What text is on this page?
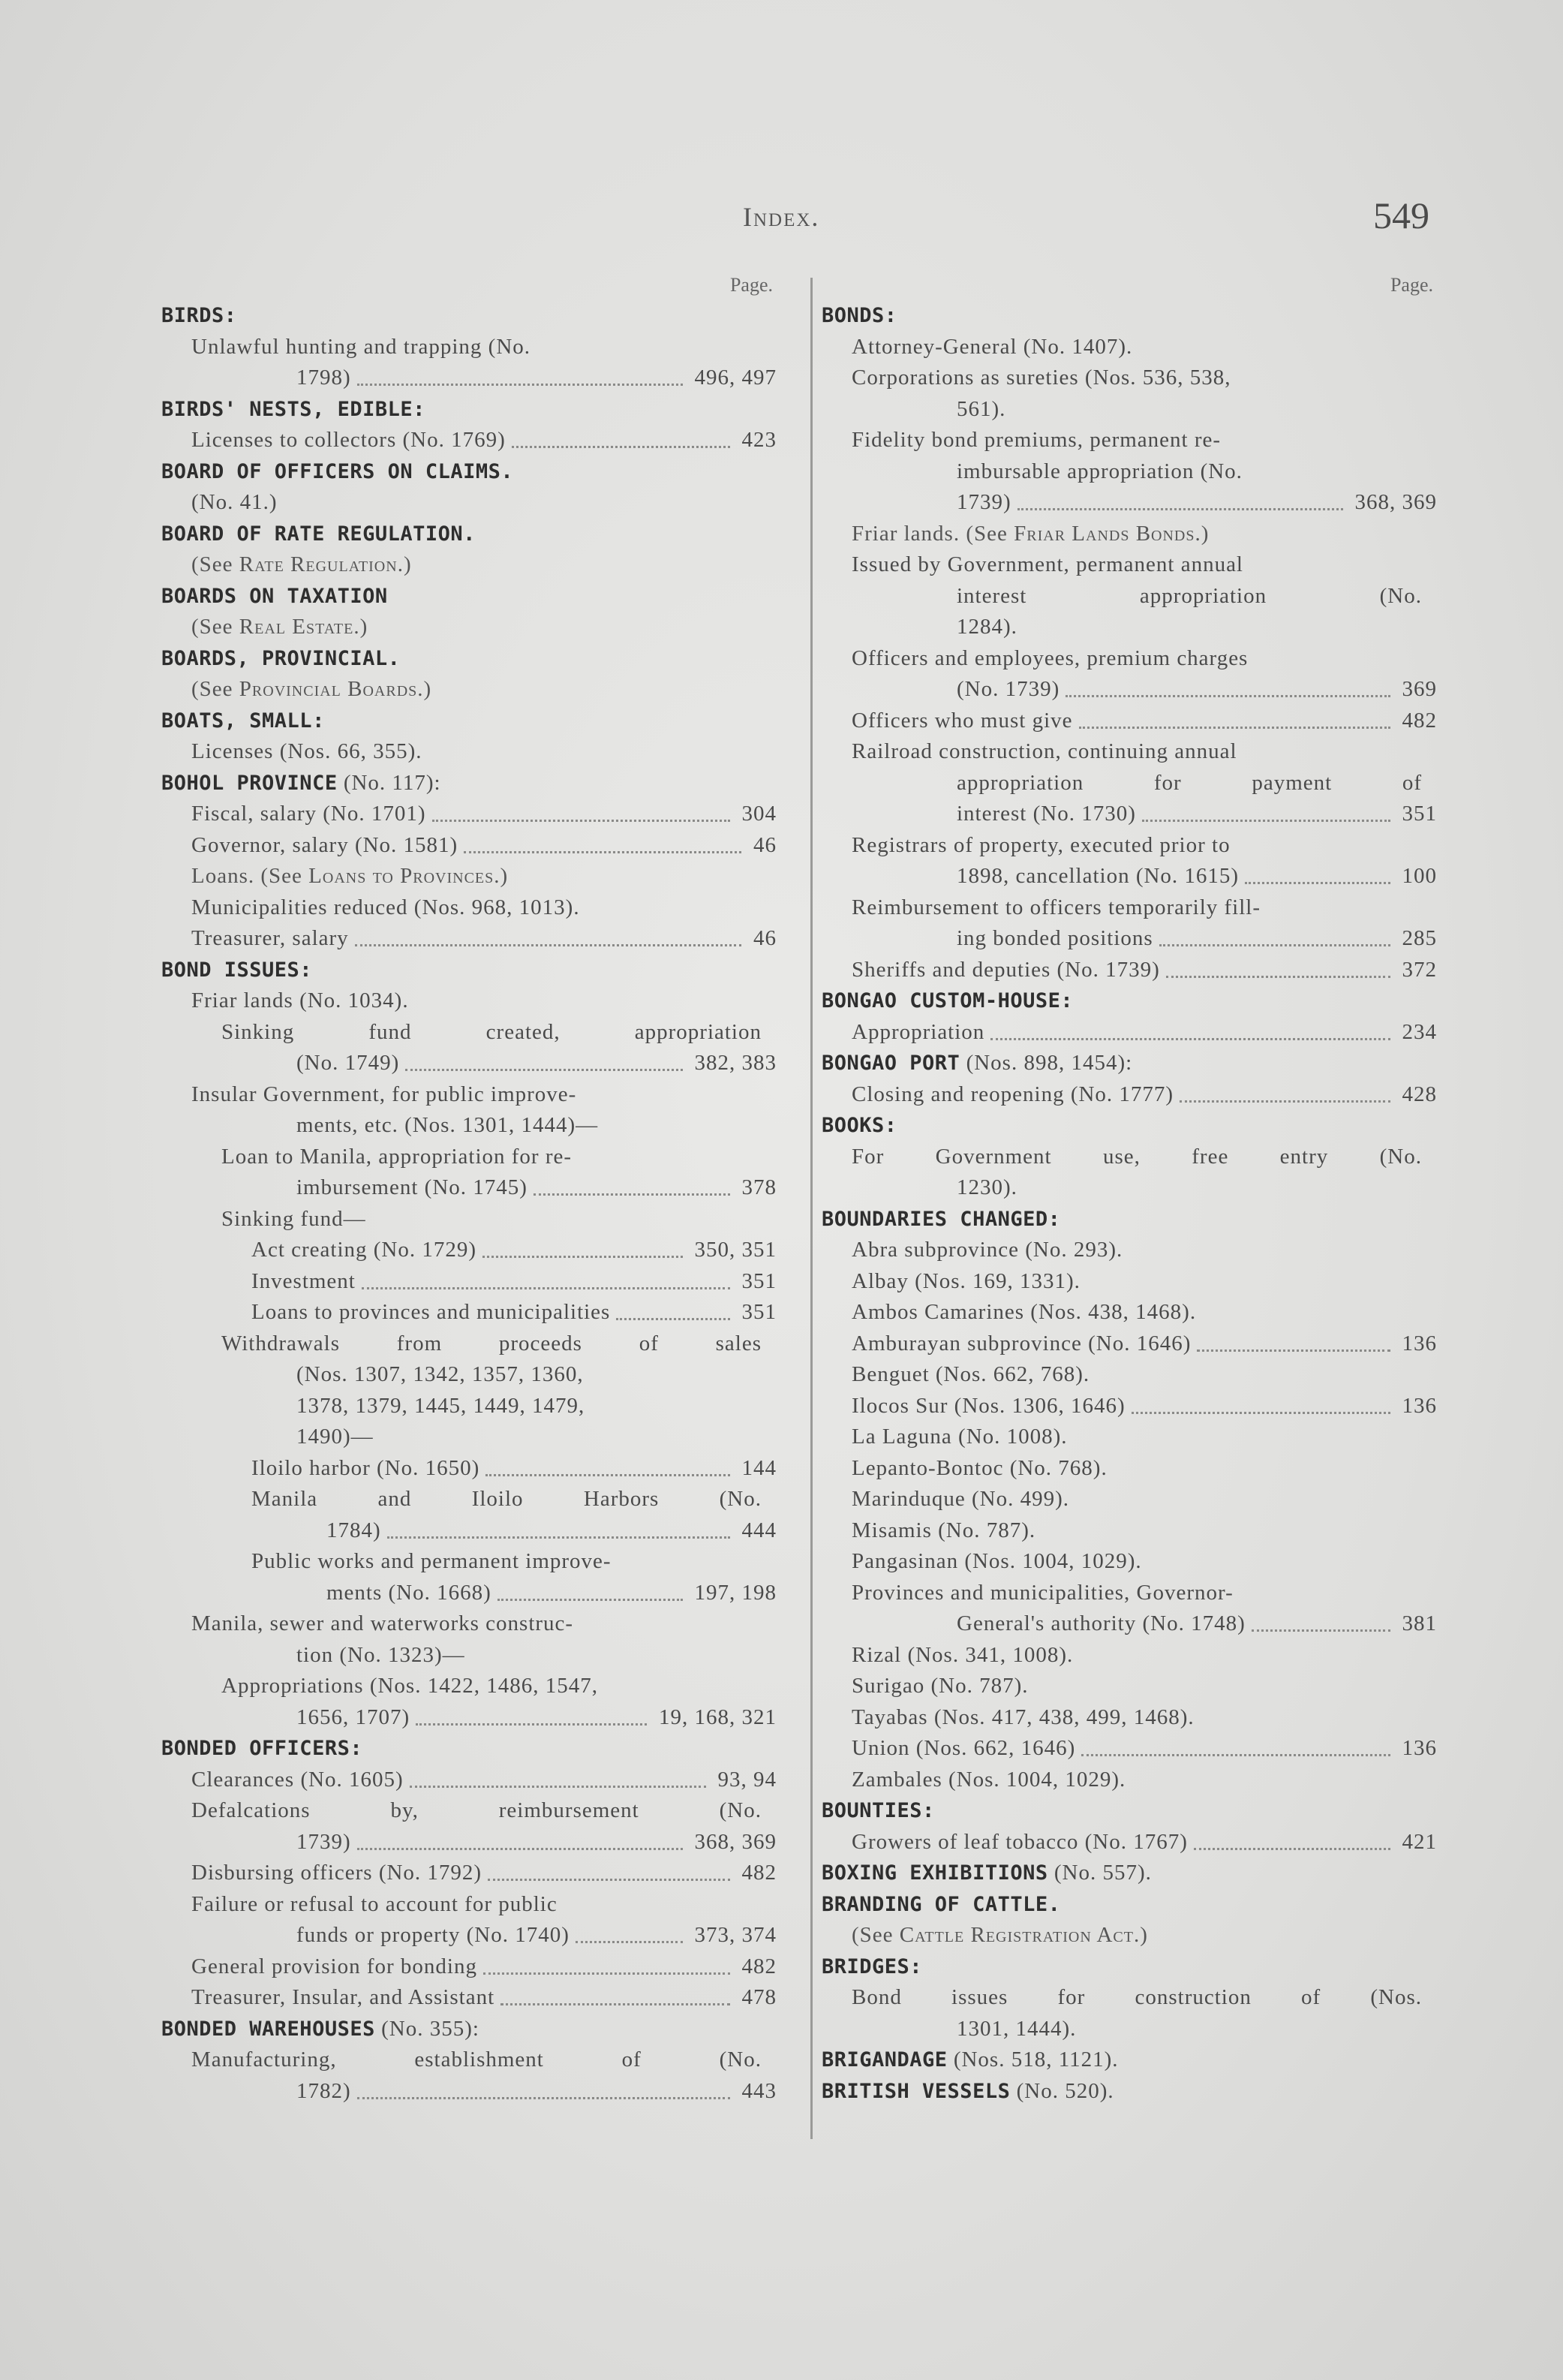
Index.	549
Page.
BIRDS:
Unlawful hunting and trapping (No.
1798)	496, 497
BIRDS' NESTS, EDIBLE:
Licenses to collectors (No. 1769)	423
BOARD OF OFFICERS ON CLAIMS.
(No. 41.)
BOARD OF RATE REGULATION.
(See Rate Regulation.)
BOARDS ON TAXATION
(See Real Estate.)
BOARDS, PROVINCIAL.
(See Provincial Boards.)
BOATS, SMALL:
Licenses (Nos. 66, 355).
BOHOL PROVINCE (No. 117):
Fiscal, salary (No. 1701)	304
Governor, salary (No. 1581)	46
Loans. (See Loans to Provinces.)
Municipalities reduced (Nos. 968, 1013).
Treasurer, salary	46
BOND ISSUES:
Friar lands (No. 1034).
Sinking fund created, appropriation
(No. 1749)	382, 383
Insular Government, for public improve-
ments, etc. (Nos. 1301, 1444)—
Loan to Manila, appropriation for re-
imbursement (No. 1745)	378
Sinking fund—
Act creating (No. 1729)	350, 351
Investment	351
Loans to provinces and municipalities	351
Withdrawals from proceeds of sales
(Nos. 1307, 1342, 1357, 1360,
1378, 1379, 1445, 1449, 1479,
1490)—
Iloilo harbor (No. 1650)	144
Manila and Iloilo Harbors (No.
1784)	444
Public works and permanent improve-
ments (No. 1668)	197, 198
Manila, sewer and waterworks construc-
tion (No. 1323)—
Appropriations (Nos. 1422, 1486, 1547,
1656, 1707)	19, 168, 321
BONDED OFFICERS:
Clearances (No. 1605)	93, 94
Defalcations by, reimbursement (No.
1739)	368, 369
Disbursing officers (No. 1792)	482
Failure or refusal to account for public
funds or property (No. 1740)	373, 374
General provision for bonding	482
Treasurer, Insular, and Assistant	478
BONDED WAREHOUSES (No. 355):
Manufacturing, establishment of (No.
1782)	443
Page.
BONDS:
Attorney-General (No. 1407).
Corporations as sureties (Nos. 536, 538,
561).
Fidelity bond premiums, permanent re-
imbursable appropriation (No.
1739)	368, 369
Friar lands. (See Friar Lands Bonds.)
Issued by Government, permanent annual
interest appropriation (No.
1284).
Officers and employees, premium charges
(No. 1739)	369
Officers who must give	482
Railroad construction, continuing annual
appropriation for payment of
interest (No. 1730)	351
Registrars of property, executed prior to
1898, cancellation (No. 1615)	100
Reimbursement to officers temporarily fill-
ing bonded positions	285
Sheriffs and deputies (No. 1739)	372
BONGAO CUSTOM-HOUSE:
Appropriation	234
BONGAO PORT (Nos. 898, 1454):
Closing and reopening (No. 1777)	428
BOOKS:
For Government use, free entry (No.
1230).
BOUNDARIES CHANGED:
Abra subprovince (No. 293).
Albay (Nos. 169, 1331).
Ambos Camarines (Nos. 438, 1468).
Amburayan subprovince (No. 1646)	136
Benguet (Nos. 662, 768).
Ilocos Sur (Nos. 1306, 1646)	136
La Laguna (No. 1008).
Lepanto-Bontoc (No. 768).
Marinduque (No. 499).
Misamis (No. 787).
Pangasinan (Nos. 1004, 1029).
Provinces and municipalities, Governor-
General's authority (No. 1748)	381
Rizal (Nos. 341, 1008).
Surigao (No. 787).
Tayabas (Nos. 417, 438, 499, 1468).
Union (Nos. 662, 1646)	136
Zambales (Nos. 1004, 1029).
BOUNTIES:
Growers of leaf tobacco (No. 1767)	421
BOXING EXHIBITIONS (No. 557).
BRANDING OF CATTLE.
(See Cattle Registration Act.)
BRIDGES:
Bond issues for construction of (Nos.
1301, 1444).
BRIGANDAGE (Nos. 518, 1121).
BRITISH VESSELS (No. 520).
